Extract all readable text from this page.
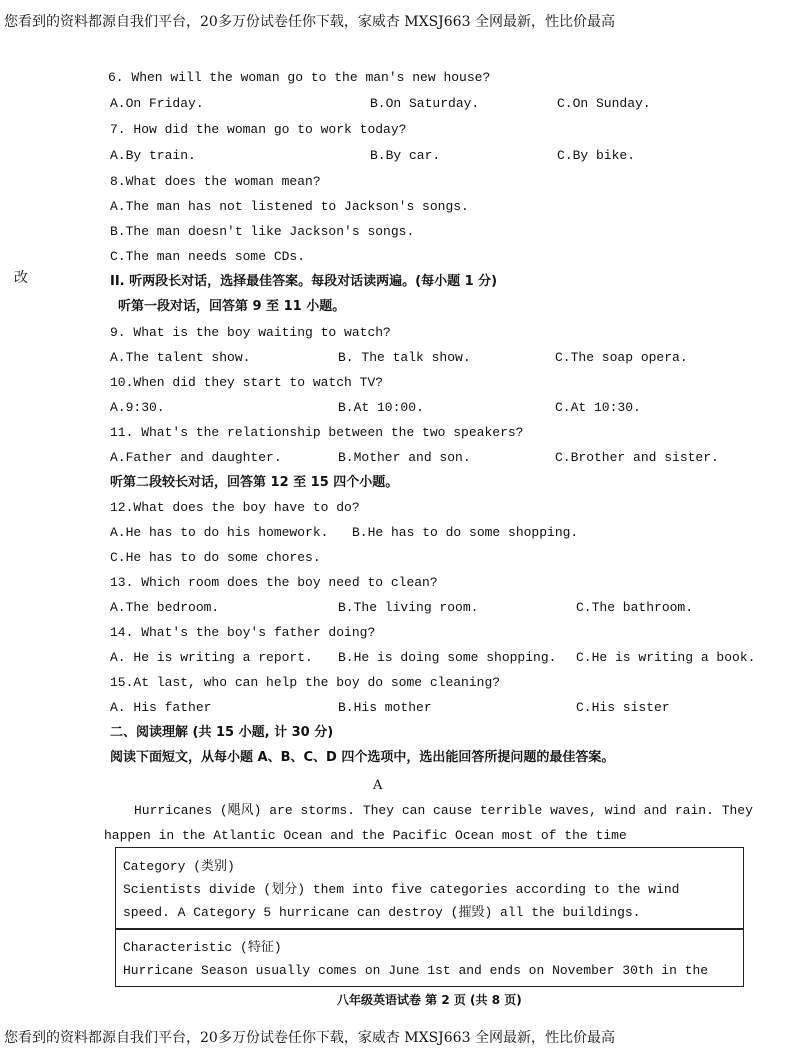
您看到的资料都源自我们平台，20多万份试卷任你下载，家威杏 MXSJ663 全网最新，性比价最高
改
6. When will the woman go to the man's new house?
A.On Friday.	B.On Saturday.	C.On Sunday.
7. How did the woman go to work today?
A.By train.	B.By car.	C.By bike.
8.What does the woman mean?
A.The man has not listened to Jackson's songs.
B.The man doesn't like Jackson's songs.
C.The man needs some CDs.
II. 听两段长对话，选择最佳答案。每段对话读两遍。(每小题 1 分)
听第一段对话，回答第 9 至 11 小题。
9. What is the boy waiting to watch?
A.The talent show.	B. The talk show.	C.The soap opera.
10.When did they start to watch TV?
A.9:30.	B.At 10:00.	C.At 10:30.
11. What's the relationship between the two speakers?
A.Father and daughter.	B.Mother and son.	C.Brother and sister.
听第二段较长对话，回答第 12 至 15 四个小题。
12.What does the boy have to do?
A.He has to do his homework. B.He has to do some shopping.
C.He has to do some chores.
13. Which room does the boy need to clean?
A.The bedroom.	B.The living room.	C.The bathroom.
14. What's the boy's father doing?
A. He is writing a report. B.He is doing some shopping. C.He is writing a book.
15.At last, who can help the boy do some cleaning?
A. His father	B.His mother	C.His sister
二、阅读理解 (共 15 小题, 计 30 分)
阅读下面短文，从每小题 A、B、C、D 四个选项中，选出能回答所提问题的最佳答案。
A
Hurricanes (飓风) are storms. They can cause terrible waves, wind and rain. They
happen in the Atlantic Ocean and the Pacific Ocean most of the time
Category (类别)
Scientists divide (划分) them into five categories according to the wind
speed. A Category 5 hurricane can destroy (摧毁) all the buildings.
Characteristic (特征)
Hurricane Season usually comes on June 1st and ends on November 30th in the
八年级英语试卷 第 2 页 (共 8 页)
您看到的资料都源自我们平台，20多万份试卷任你下载，家威杏 MXSJ663 全网最新，性比价最高
